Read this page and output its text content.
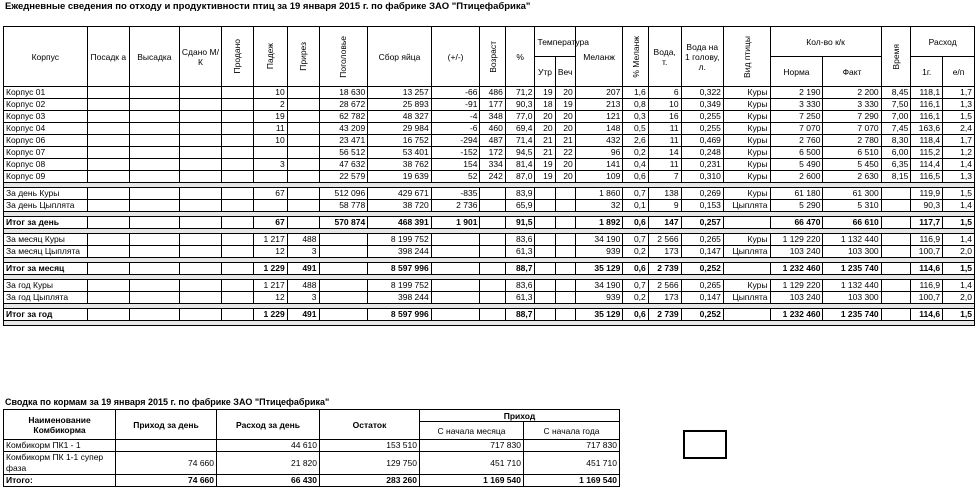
Ежедневные сведения по отходу и продуктивности птиц за 19 января 2015 г. по фабрике ЗАО "Птицефабрика"
Корпус	Посадк а	Высадка	Сдано М/К	Продано	Падеж	Прирез	Поголовье	Сбор яйца	(+/-)	Возраст	%	Температура		Меланж	% Меланж	Вода, т.	Вода на 1 голову, л.	Вид птицы	Кол-во к/к		Время	Расход	
												Утр	Веч						Норма	Факт		1г.	е/п
Корпус 01					10		18 630	13 257	-66	486	71,2	19	20	207	1,6	6	0,322	Куры	2 190	2 200	8,45	118,1	1,7
Корпус 02					2		28 672	25 893	-91	177	90,3	18	19	213	0,8	10	0,349	Куры	3 330	3 330	7,50	116,1	1,3
Корпус 03					19		62 782	48 327	-4	348	77,0	20	20	121	0,3	16	0,255	Куры	7 250	7 290	7,00	116,1	1,5
Корпус 04					11		43 209	29 984	-6	460	69,4	20	20	148	0,5	11	0,255	Куры	7 070	7 070	7,45	163,6	2,4
Корпус 06					10		23 471	16 752	-294	487	71,4	21	21	432	2,6	11	0,469	Куры	2 760	2 780	8,30	118,4	1,7
Корпус 07							56 512	53 401	-152	172	94,5	21	22	96	0,2	14	0,248	Куры	6 500	6 510	6,00	115,2	1,2
Корпус 08					3		47 632	38 762	154	334	81,4	19	20	141	0,4	11	0,231	Куры	5 490	5 450	6,35	114,4	1,4
Корпус 09							22 579	19 639	52	242	87,0	19	20	109	0,6	7	0,310	Куры	2 600	2 630	8,15	116,5	1,3

За день Куры					67		512 096	429 671	-835		83,9			1 860	0,7	138	0,269	Куры	61 180	61 300		119,9	1,5
За день Цыплята							58 778	38 720	2 736		65,9			32	0,1	9	0,153	Цыплята	5 290	5 310		90,3	1,4

Итог за день					67		570 874	468 391	1 901		91,5			1 892	0,6	147	0,257		66 470	66 610		117,7	1,5

За месяц Куры					1 217	488		8 199 752			83,6			34 190	0,7	2 566	0,265	Куры	1 129 220	1 132 440		116,9	1,4
За месяц Цыплята					12	3		398 244			61,3			939	0,2	173	0,147	Цыплята	103 240	103 300		100,7	2,0

Итог за месяц					1 229	491		8 597 996			88,7			35 129	0,6	2 739	0,252		1 232 460	1 235 740		114,6	1,5

За год Куры					1 217	488		8 199 752			83,6			34 190	0,7	2 566	0,265	Куры	1 129 220	1 132 440		116,9	1,4
За год Цыплята					12	3		398 244			61,3			939	0,2	173	0,147	Цыплята	103 240	103 300		100,7	2,0

Итог за год					1 229	491		8 597 996			88,7			35 129	0,6	2 739	0,252		1 232 460	1 235 740		114,6	1,5

Сводка по кормам за 19 января 2015 г. по фабрике ЗАО "Птицефабрика"
Наименование Комбикорма	Приход за день	Расход за день	Остаток	Приход	
				С начала месяца	С начала года
Комбикорм ПК1 - 1		44 610	153 510	717 830	717 830
Комбикорм ПК 1-1 супер фаза	74 660	21 820	129 750	451 710	451 710
Итого:	74 660	66 430	283 260	1 169 540	1 169 540
